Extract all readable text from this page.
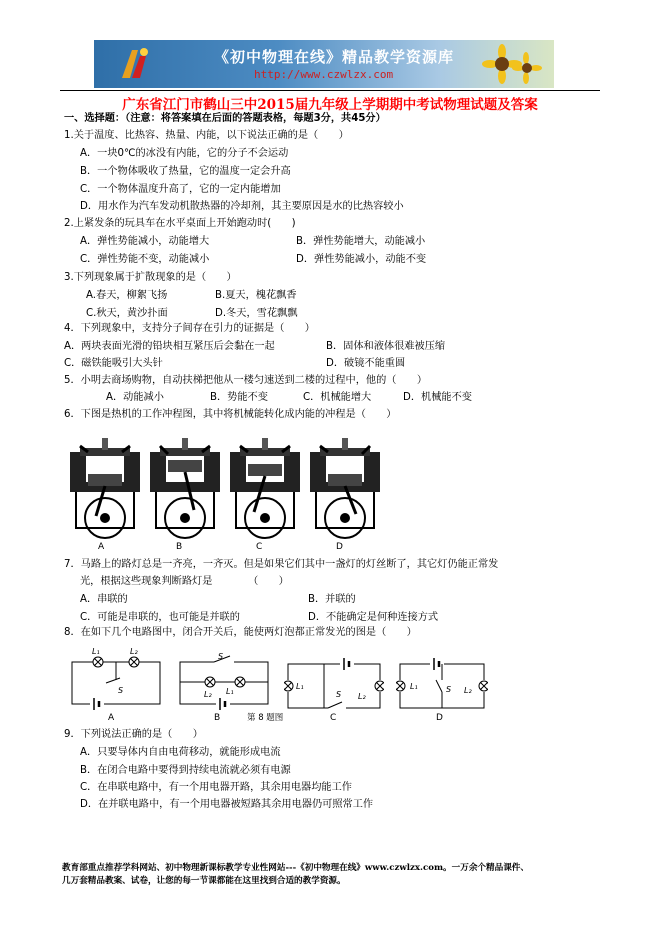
《初中物理在线》精品教学资源库
http://www.czwlzx.com
广东省江门市鹤山三中2015届九年级上学期期中考试物理试题及答案
一、选择题：（注意：将答案填在后面的答题表格，每题3分，共45分）
1.关于温度、比热容、热量、内能，以下说法正确的是（　　）
A．一块0℃的冰没有内能，它的分子不会运动
B．一个物体吸收了热量，它的温度一定会升高
C．一个物体温度升高了，它的一定内能增加
D．用水作为汽车发动机散热器的冷却剂，其主要原因是水的比热容较小
2.上紧发条的玩具车在水平桌面上开始跑动时(　　)
A．弹性势能减小，动能增大	B．弹性势能增大，动能减小
C．弹性势能不变，动能减小	D．弹性势能减小，动能不变
3.下列现象属于扩散现象的是（　　）
A.春天，柳絮飞扬	B.夏天，槐花飘香
C.秋天，黄沙扑面	D.冬天，雪花飘飘
4．下列现象中，支持分子间存在引力的证据是（　　）
A．两块表面光滑的铅块相互紧压后会黏在一起	B．固体和液体很难被压缩
C．磁铁能吸引大头针	D．破镜不能重圆
5．小明去商场购物，自动扶梯把他从一楼匀速送到二楼的过程中，他的（　　）
A．动能减小	B．势能不变	C．机械能增大	D．机械能不变
6．下图是热机的工作冲程图，其中将机械能转化成内能的冲程是（　　）
A	B	C	D
7．马路上的路灯总是一齐亮，一齐灭。但是如果它们其中一盏灯的灯丝断了，其它灯仍能正常发
光，根据这些现象判断路灯是　　　　（　　）
A．串联的	B．并联的
C．可能是串联的，也可能是并联的	D．不能确定是何种连接方式
8．在如下几个电路图中，闭合开关后，能使两灯泡都正常发光的图是（　　）
L₁	L₂
S
A
S
L₂ L₁
B
L₁
S L₂
C
L₁	S L₂
D
第 8 题图
9．下列说法正确的是（　　）
A．只要导体内自由电荷移动，就能形成电流
B．在闭合电路中要得到持续电流就必须有电源
C．在串联电路中，有一个用电器开路，其余用电器均能工作
D．在并联电路中，有一个用电器被短路其余用电器仍可照常工作
教育部重点推荐学科网站、初中物理新课标教学专业性网站---《初中物理在线》www.czwlzx.com。一万余个精品课件、
几万套精品教案、试卷，让您的每一节课都能在这里找到合适的教学资源。
